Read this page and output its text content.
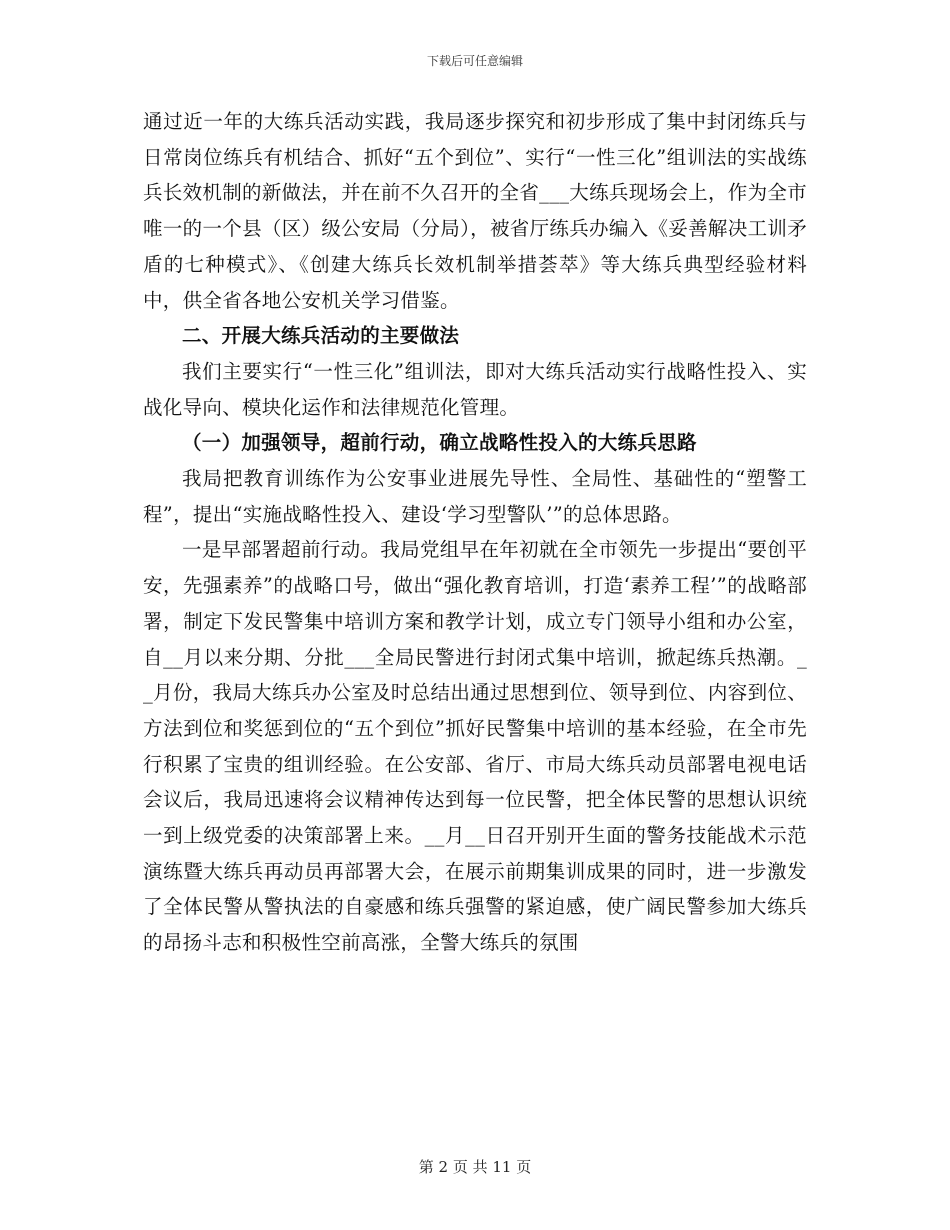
下载后可任意编辑

通过近一年的大练兵活动实践，我局逐步探究和初步形成了集中封闭练兵与日常岗位练兵有机结合、抓好“五个到位”、实行“一性三化”组训法的实战练兵长效机制的新做法，并在前不久召开的全省___大练兵现场会上，作为全市唯一的一个县（区）级公安局（分局），被省厅练兵办编入《妥善解决工训矛盾的七种模式》、《创建大练兵长效机制举措荟萃》等大练兵典型经验材料中，供全省各地公安机关学习借鉴。

二、开展大练兵活动的主要做法

我们主要实行“一性三化”组训法，即对大练兵活动实行战略性投入、实战化导向、模块化运作和法律规范化管理。

（一）加强领导，超前行动，确立战略性投入的大练兵思路

我局把教育训练作为公安事业进展先导性、全局性、基础性的“塑警工程”，提出“实施战略性投入、建设‘学习型警队’”的总体思路。

一是早部署超前行动。我局党组早在年初就在全市领先一步提出“要创平安，先强素养”的战略口号，做出“强化教育培训，打造‘素养工程’”的战略部署，制定下发民警集中培训方案和教学计划，成立专门领导小组和办公室，自__月以来分期、分批___全局民警进行封闭式集中培训，掀起练兵热潮。__月份，我局大练兵办公室及时总结出通过思想到位、领导到位、内容到位、方法到位和奖惩到位的“五个到位”抓好民警集中培训的基本经验，在全市先行积累了宝贵的组训经验。在公安部、省厅、市局大练兵动员部署电视电话会议后，我局迅速将会议精神传达到每一位民警，把全体民警的思想认识统一到上级党委的决策部署上来。__月__日召开别开生面的警务技能战术示范演练暨大练兵再动员再部署大会，在展示前期集训成果的同时，进一步激发了全体民警从警执法的自豪感和练兵强警的紧迫感，使广阔民警参加大练兵的昂扬斗志和积极性空前高涨，全警大练兵的氛围

第 2 页 共 11 页
